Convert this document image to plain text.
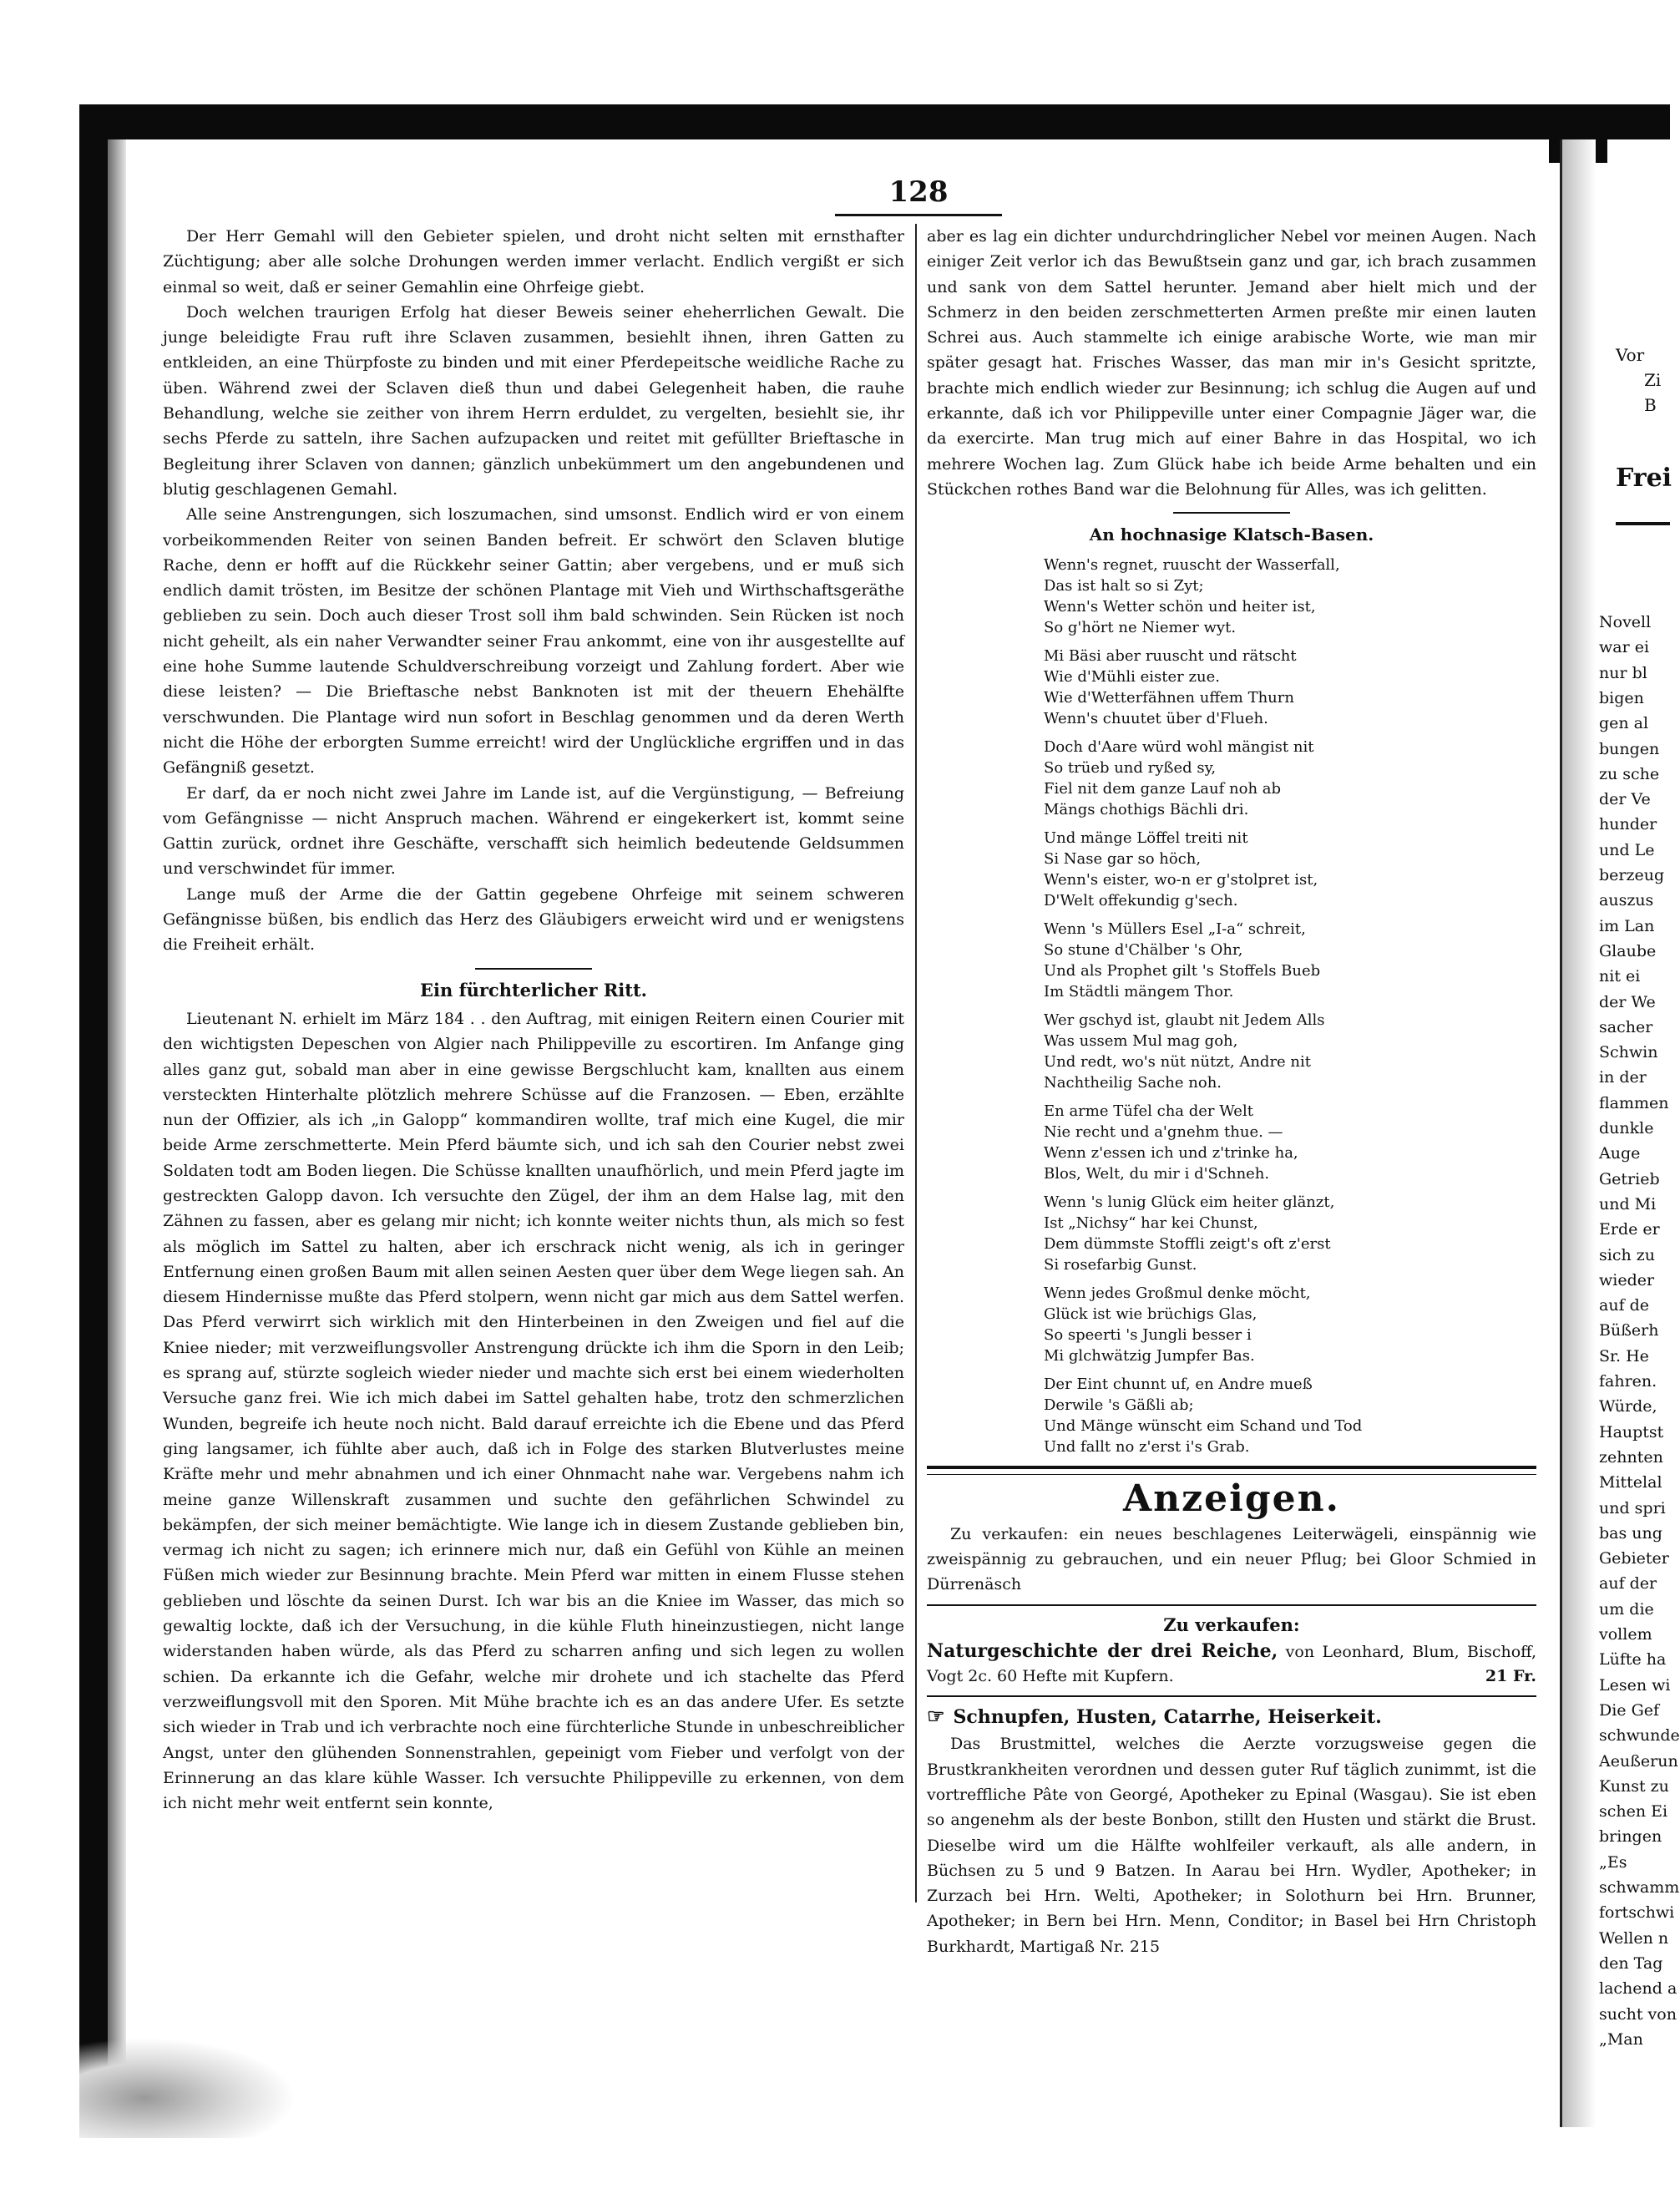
128

Der Herr Gemahl will den Gebieter spielen, und droht nicht selten mit ernsthafter Züchtigung; aber alle solche Drohungen werden immer verlacht. Endlich vergißt er sich einmal so weit, daß er seiner Gemahlin eine Ohrfeige giebt.

Doch welchen traurigen Erfolg hat dieser Beweis seiner eheherrlichen Gewalt. Die junge beleidigte Frau ruft ihre Sclaven zusammen, besiehlt ihnen, ihren Gatten zu entkleiden, an eine Thürpfoste zu binden und mit einer Pferdepeitsche weidliche Rache zu üben. Während zwei der Sclaven dieß thun und dabei Gelegenheit haben, die rauhe Behandlung, welche sie zeither von ihrem Herrn erduldet, zu vergelten, besiehlt sie, ihr sechs Pferde zu satteln, ihre Sachen aufzupacken und reitet mit gefüllter Brieftasche in Begleitung ihrer Sclaven von dannen; gänzlich unbekümmert um den angebundenen und blutig geschlagenen Gemahl.

Alle seine Anstrengungen, sich loszumachen, sind umsonst. Endlich wird er von einem vorbeikommenden Reiter von seinen Banden befreit. Er schwört den Sclaven blutige Rache, denn er hofft auf die Rückkehr seiner Gattin; aber vergebens, und er muß sich endlich damit trösten, im Besitze der schönen Plantage mit Vieh und Wirthschaftsgeräthe geblieben zu sein. Doch auch dieser Trost soll ihm bald schwinden. Sein Rücken ist noch nicht geheilt, als ein naher Verwandter seiner Frau ankommt, eine von ihr ausgestellte auf eine hohe Summe lautende Schuldverschreibung vorzeigt und Zahlung fordert. Aber wie diese leisten? — Die Brieftasche nebst Banknoten ist mit der theuern Ehehälfte verschwunden. Die Plantage wird nun sofort in Beschlag genommen und da deren Werth nicht die Höhe der erborgten Summe erreicht! wird der Unglückliche ergriffen und in das Gefängniß gesetzt.

Er darf, da er noch nicht zwei Jahre im Lande ist, auf die Vergünstigung, — Befreiung vom Gefängnisse — nicht Anspruch machen. Während er eingekerkert ist, kommt seine Gattin zurück, ordnet ihre Geschäfte, verschafft sich heimlich bedeutende Geldsummen und verschwindet für immer.

Lange muß der Arme die der Gattin gegebene Ohrfeige mit seinem schweren Gefängnisse büßen, bis endlich das Herz des Gläubigers erweicht wird und er wenigstens die Freiheit erhält.

Ein fürchterlicher Ritt.

Lieutenant N. erhielt im März 184 . . den Auftrag, mit einigen Reitern einen Courier mit den wichtigsten Depeschen von Algier nach Philippeville zu escortiren. Im Anfange ging alles ganz gut, sobald man aber in eine gewisse Bergschlucht kam, knallten aus einem versteckten Hinterhalte plötzlich mehrere Schüsse auf die Franzosen. — Eben, erzählte nun der Offizier, als ich „in Galopp“ kommandiren wollte, traf mich eine Kugel, die mir beide Arme zerschmetterte. Mein Pferd bäumte sich, und ich sah den Courier nebst zwei Soldaten todt am Boden liegen. Die Schüsse knallten unaufhörlich, und mein Pferd jagte im gestreckten Galopp davon. Ich versuchte den Zügel, der ihm an dem Halse lag, mit den Zähnen zu fassen, aber es gelang mir nicht; ich konnte weiter nichts thun, als mich so fest als möglich im Sattel zu halten, aber ich erschrack nicht wenig, als ich in geringer Entfernung einen großen Baum mit allen seinen Aesten quer über dem Wege liegen sah. An diesem Hindernisse mußte das Pferd stolpern, wenn nicht gar mich aus dem Sattel werfen. Das Pferd verwirrt sich wirklich mit den Hinterbeinen in den Zweigen und fiel auf die Kniee nieder; mit verzweiflungsvoller Anstrengung drückte ich ihm die Sporn in den Leib; es sprang auf, stürzte sogleich wieder nieder und machte sich erst bei einem wiederholten Versuche ganz frei. Wie ich mich dabei im Sattel gehalten habe, trotz den schmerzlichen Wunden, begreife ich heute noch nicht. Bald darauf erreichte ich die Ebene und das Pferd ging langsamer, ich fühlte aber auch, daß ich in Folge des starken Blutverlustes meine Kräfte mehr und mehr abnahmen und ich einer Ohnmacht nahe war. Vergebens nahm ich meine ganze Willenskraft zusammen und suchte den gefährlichen Schwindel zu bekämpfen, der sich meiner bemächtigte. Wie lange ich in diesem Zustande geblieben bin, vermag ich nicht zu sagen; ich erinnere mich nur, daß ein Gefühl von Kühle an meinen Füßen mich wieder zur Besinnung brachte. Mein Pferd war mitten in einem Flusse stehen geblieben und löschte da seinen Durst. Ich war bis an die Kniee im Wasser, das mich so gewaltig lockte, daß ich der Versuchung, in die kühle Fluth hineinzustiegen, nicht lange widerstanden haben würde, als das Pferd zu scharren anfing und sich legen zu wollen schien. Da erkannte ich die Gefahr, welche mir drohete und ich stachelte das Pferd verzweiflungsvoll mit den Sporen. Mit Mühe brachte ich es an das andere Ufer. Es setzte sich wieder in Trab und ich verbrachte noch eine fürchterliche Stunde in unbeschreiblicher Angst, unter den glühenden Sonnenstrahlen, gepeinigt vom Fieber und verfolgt von der Erinnerung an das klare kühle Wasser. Ich versuchte Philippeville zu erkennen, von dem ich nicht mehr weit entfernt sein konnte,

aber es lag ein dichter undurchdringlicher Nebel vor meinen Augen. Nach einiger Zeit verlor ich das Bewußtsein ganz und gar, ich brach zusammen und sank von dem Sattel herunter. Jemand aber hielt mich und der Schmerz in den beiden zerschmetterten Armen preßte mir einen lauten Schrei aus. Auch stammelte ich einige arabische Worte, wie man mir später gesagt hat. Frisches Wasser, das man mir in's Gesicht spritzte, brachte mich endlich wieder zur Besinnung; ich schlug die Augen auf und erkannte, daß ich vor Philippeville unter einer Compagnie Jäger war, die da exercirte. Man trug mich auf einer Bahre in das Hospital, wo ich mehrere Wochen lag. Zum Glück habe ich beide Arme behalten und ein Stückchen rothes Band war die Belohnung für Alles, was ich gelitten.

An hochnasige Klatsch-Basen.
Wenn's regnet, ruuscht der Wasserfall,
Das ist halt so si Zyt;
Wenn's Wetter schön und heiter ist,
So g'hört ne Niemer wyt.
Mi Bäsi aber ruuscht und rätscht
Wie d'Mühli eister zue.
Wie d'Wetterfähnen uffem Thurn
Wenn's chuutet über d'Flueh.
Doch d'Aare würd wohl mängist nit
So trüeb und ryßed sy,
Fiel nit dem ganze Lauf noh ab
Mängs chothigs Bächli dri.
Und mänge Löffel treiti nit
Si Nase gar so höch,
Wenn's eister, wo-n er g'stolpret ist,
D'Welt offekundig g'sech.
Wenn 's Müllers Esel „I-a“ schreit,
So stune d'Chälber 's Ohr,
Und als Prophet gilt 's Stoffels Bueb
Im Städtli mängem Thor.
Wer gschyd ist, glaubt nit Jedem Alls
Was ussem Mul mag goh,
Und redt, wo's nüt nützt, Andre nit
Nachtheilig Sache noh.
En arme Tüfel cha der Welt
Nie recht und a'gnehm thue. —
Wenn z'essen ich und z'trinke ha,
Blos, Welt, du mir i d'Schneh.
Wenn 's lunig Glück eim heiter glänzt,
Ist „Nichsy“ har kei Chunst,
Dem dümmste Stoffli zeigt's oft z'erst
Si rosefarbig Gunst.
Wenn jedes Großmul denke möcht,
Glück ist wie brüchigs Glas,
So speerti 's Jungli besser i
Mi glchwätzig Jumpfer Bas.
Der Eint chunnt uf, en Andre mueß
Derwile 's Gäßli ab;
Und Mänge wünscht eim Schand und Tod
Und fallt no z'erst i's Grab.
Anzeigen.

Zu verkaufen: ein neues beschlagenes Leiterwägeli, einspännig wie zweispännig zu gebrauchen, und ein neuer Pflug; bei Gloor Schmied in Dürrenäsch

Zu verkaufen:
Naturgeschichte der drei Reiche, von Leonhard, Blum, Bischoff, Vogt 2c. 60 Hefte mit Kupfern.	21 Fr.
☞ Schnupfen, Husten, Catarrhe, Heiserkeit.

Das Brustmittel, welches die Aerzte vorzugsweise gegen die Brustkrankheiten verordnen und dessen guter Ruf täglich zunimmt, ist die vortreffliche Pâte von Georgé, Apotheker zu Epinal (Wasgau). Sie ist eben so angenehm als der beste Bonbon, stillt den Husten und stärkt die Brust. Dieselbe wird um die Hälfte wohlfeiler verkauft, als alle andern, in Büchsen zu 5 und 9 Batzen. In Aarau bei Hrn. Wydler, Apotheker; in Zurzach bei Hrn. Welti, Apotheker; in Solothurn bei Hrn. Brunner, Apotheker; in Bern bei Hrn. Menn, Conditor; in Basel bei Hrn Christoph Burkhardt, Martigaß Nr. 215

Vor
Zi
B
Frei
Novell
war ei
nur bl
bigen
gen al
bungen
zu sche
der Ve
hunder
und Le
berzeug
auszus
im Lan
Glaube
nit ei
der We
sacher
Schwin
in der
flammen
dunkle
Auge
Getrieb
und Mi
Erde er
sich zu
wieder
auf de
Büßerh
Sr. He
fahren.
Würde,
Hauptst
zehnten
Mittelal
und spri
bas ung
Gebieter
auf der
um die
vollem
Lüfte ha
Lesen wi
Die Gef
schwunde
Aeußerun
Kunst zu
schen Ei
bringen
„Es
schwamm
fortschwi
Wellen n
den Tag
lachend a
sucht von
„Man
